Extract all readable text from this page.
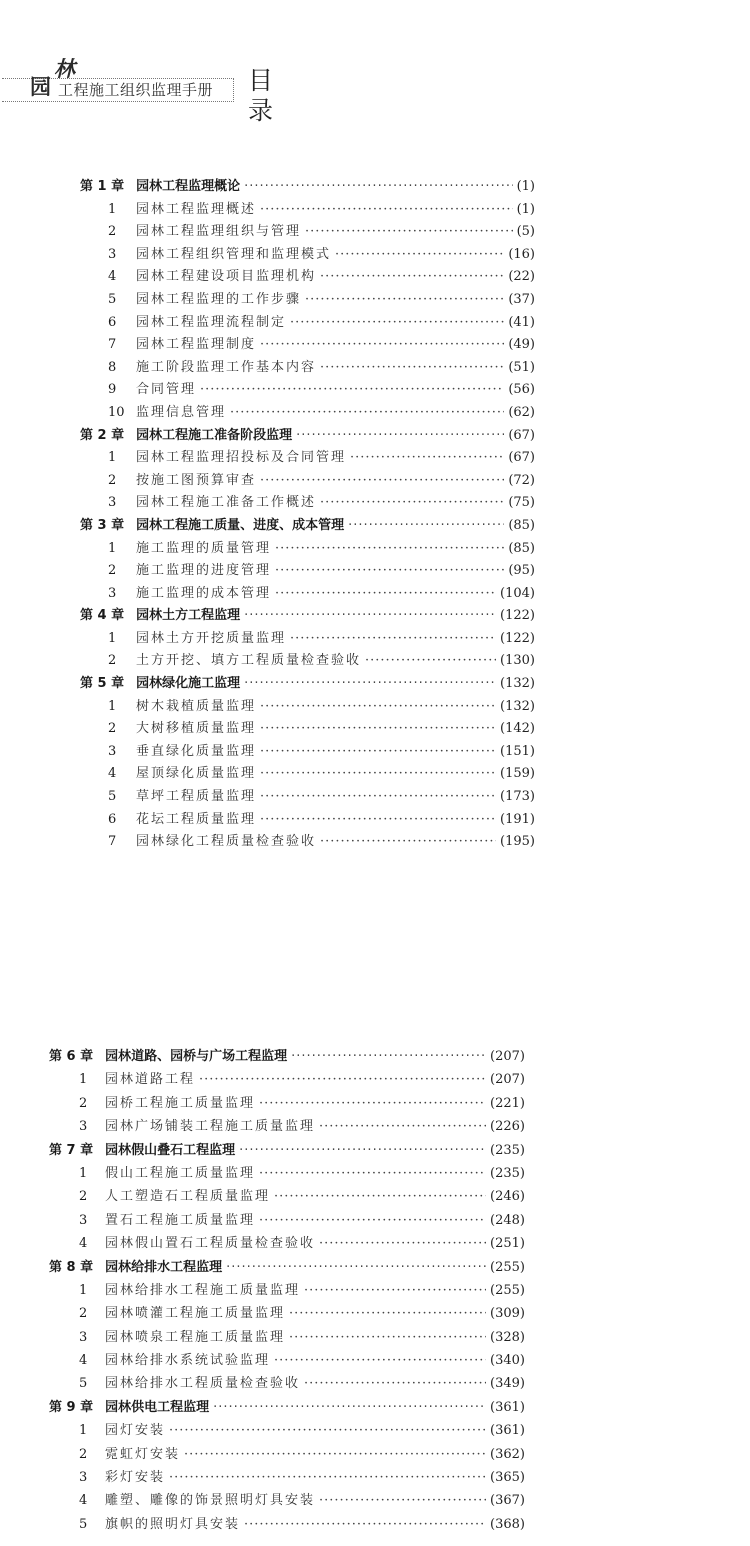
园
林
工程施工组织监理手册 目
录
第 1 章 园林工程监理概论 ·····	(1)
1	园林工程监理概述 ·····	(1)
2	园林工程监理组织与管理 ·····	(5)
3	园林工程组织管理和监理模式 ·····	(16)
4	园林工程建设项目监理机构 ·····	(22)
5	园林工程监理的工作步骤 ·····	(37)
6	园林工程监理流程制定 ·····	(41)
7	园林工程监理制度 ·····	(49)
8	施工阶段监理工作基本内容 ·····	(51)
9	合同管理 ·····	(56)
10 监理信息管理 ·····	(62)
第 2 章 园林工程施工准备阶段监理 ·····	(67)
1	园林工程监理招投标及合同管理 ·····	(67)
2	按施工图预算审查 ·····	(72)
3	园林工程施工准备工作概述 ·····	(75)
第 3 章 园林工程施工质量、进度、成本管理 ·····	(85)
1	施工监理的质量管理 ·····	(85)
2	施工监理的进度管理 ·····	(95)
3	施工监理的成本管理 ·····	(104)
第 4 章 园林土方工程监理 ·····	(122)
1	园林土方开挖质量监理 ·····	(122)
2	土方开挖、填方工程质量检查验收 ·····	(130)
第 5 章 园林绿化施工监理 ·····	(132)
1	树木栽植质量监理 ·····	(132)
2	大树移植质量监理 ·····	(142)
3	垂直绿化质量监理 ·····	(151)
4	屋顶绿化质量监理 ·····	(159)
5	草坪工程质量监理 ·····	(173)
6	花坛工程质量监理 ·····	(191)
7	园林绿化工程质量检查验收 ·····	(195)
第 6 章 园林道路、园桥与广场工程监理 ·····	(207)
1	园林道路工程 ·····	(207)
2	园桥工程施工质量监理 ·····	(221)
3	园林广场铺装工程施工质量监理 ·····	(226)
第 7 章 园林假山叠石工程监理 ·····	(235)
1	假山工程施工质量监理 ·····	(235)
2	人工塑造石工程质量监理 ·····	(246)
3	置石工程施工质量监理 ·····	(248)
4	园林假山置石工程质量检查验收 ·····	(251)
第 8 章 园林给排水工程监理 ·····	(255)
1	园林给排水工程施工质量监理 ·····	(255)
2	园林喷灌工程施工质量监理 ·····	(309)
3	园林喷泉工程施工质量监理 ·····	(328)
4	园林给排水系统试验监理 ·····	(340)
5	园林给排水工程质量检查验收 ·····	(349)
第 9 章 园林供电工程监理 ·····	(361)
1	园灯安装 ·····	(361)
2	霓虹灯安装 ·····	(362)
3	彩灯安装 ·····	(365)
4	雕塑、雕像的饰景照明灯具安装 ·····	(367)
5	旗帜的照明灯具安装 ·····	(368)
